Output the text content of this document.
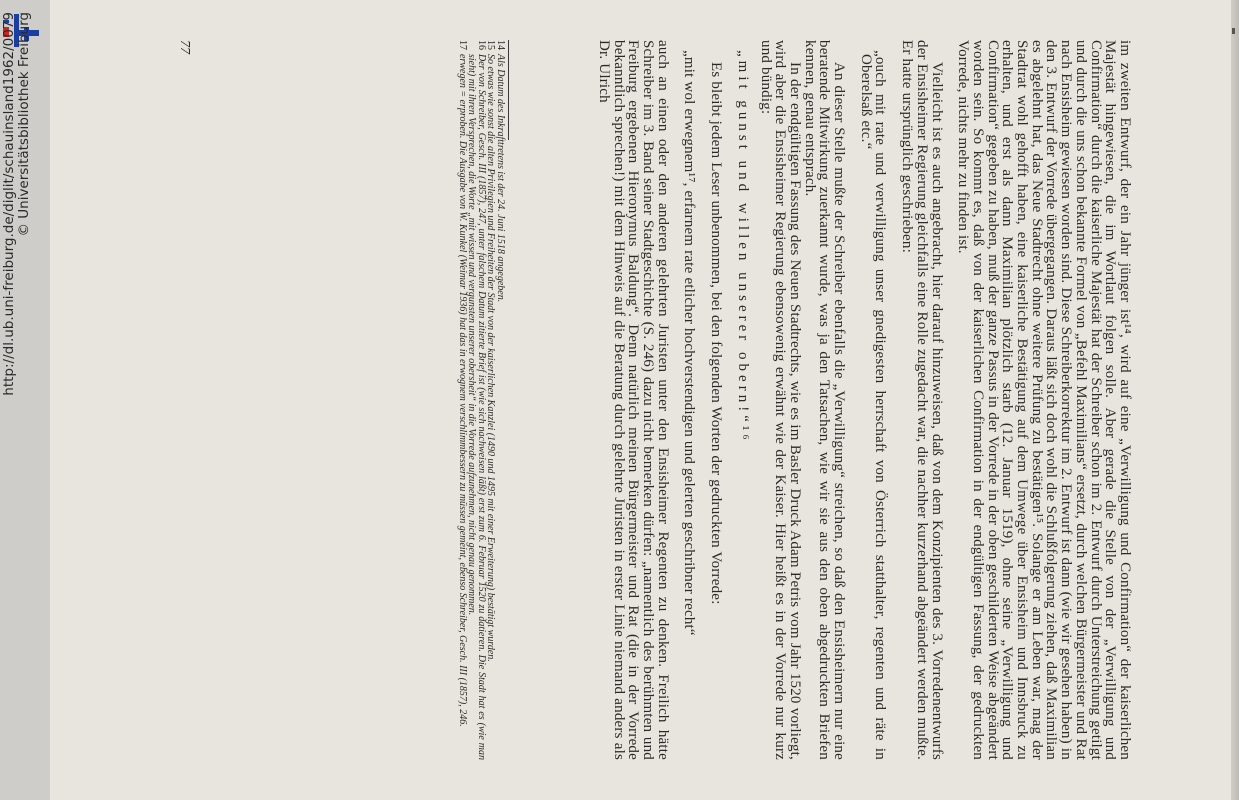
http://dl.ub.uni-freiburg.de/diglit/schauinsland1962/0079 © Universitätsbibliothek Freiburg	im zweiten Entwurf, der ein Jahr jünger ist¹⁴, wird auf eine „Verwilligung und Confirmation“ der kaiserlichen Majestät hingewiesen, die im Wortlaut folgen solle. Aber gerade die Stelle von der „Verwilligung und Confirmation“ durch die kaiserliche Majestät hat der Schreiber schon im 2. Entwurf durch Unterstreichung getilgt und durch die uns schon bekannte Formel von „Befehl Maximilians“ ersetzt, durch welchen Bürgermeister und Rat nach Ensisheim gewiesen worden sind. Diese Schreiberkorrektur im 2. Entwurf ist dann (wie wir gesehen haben) in den 3. Entwurf der Vorrede übergegangen. Daraus läßt sich doch wohl die Schlußfolgerung ziehen, daß Maximilian es abgelehnt hat, das Neue Stadtrecht ohne weitere Prüfung zu bestätigen¹⁵. Solange er am Leben war, mag der Stadtrat wohl gehofft haben, eine kaiserliche Bestätigung auf dem Umwege über Ensisheim und Innsbruck zu erhalten, und erst als dann Maximilian plötzlich starb (12. Januar 1519), ohne seine „Verwilligung und Confirmation“ gegeben zu haben, muß der ganze Passus in der Vorrede in der oben geschilderten Weise abgeändert worden sein. So kommt es, daß von der kaiserlichen Confirmation in der endgültigen Fassung, der gedruckten Vorrede, nichts mehr zu finden ist.

Vielleicht ist es auch angebracht, hier darauf hinzuweisen, daß von dem Konzipienten des 3. Vorredenentwurfs der Ensisheimer Regierung gleichfalls eine Rolle zugedacht war, die nachher kurzerhand abgeändert werden mußte. Er hatte ursprünglich geschrieben:

„ouch mit rate und verwilligung unser gnedigesten herrschaft von Österrich statthalter, regenten und räte in Oberelsaß etc.“

An dieser Stelle mußte der Schreiber ebenfalls die „Verwilligung“ streichen, so daß den Ensisheimern nur eine beratende Mitwirkung zuerkannt wurde, was ja den Tatsachen, wie wir sie aus den oben abgedruckten Briefen kennen, genau entsprach.

In der endgültigen Fassung des Neuen Stadtrechts, wie es im Basler Druck Adam Petris vom Jahr 1520 vorliegt, wird aber die Ensisheimer Regierung ebensowenig erwähnt wie der Kaiser. Hier heißt es in der Vorrede nur kurz und bündig:

„mit gunst und willen unserer obern!“¹⁶

Es bleibt jedem Leser unbenommen, bei den folgenden Worten der gedruckten Vorrede:

„mit wol erwegnem¹⁷, erfarnem rate etlicher hochverstendigen und gelerten geschribner recht“

auch an einen oder den anderen gelehrten Juristen unter den Ensisheimer Regenten zu denken. Freilich hätte Schreiber im 3. Band seiner Stadtgeschichte (S. 246) dazu nicht bemerken dürfen: „namentlich des berühmten und Freiburg ergebenen Hieronymus Baldung“. Denn natürlich meinen Bürgermeister und Rat (die in der Vorrede bekanntlich sprechen!) mit dem Hinweis auf die Beratung durch gelehrte Juristen in erster Linie niemand anders als Dr. Ulrich

14
Als Datum des Inkrafttretens ist der 24. Juni 1518 angegeben.

15
So etwas wie sonst die alten Privilegien und Freiheiten der Stadt von der kaiserlichen Kanzlei (1490 und 1495 mit einer Erweiterung) bestätigt wurden.

16
Der von Schreiber, Gesch. III (1857), 247, unter falschem Datum zitierte Brief ist (wie sich nachweisen läßt) erst zum 6. Februar 1520 zu datieren. Die Stadt hat es (wie man sieht) mit ihren Versprechen, die Worte „mit wissen und vergunsten unserer obersheit“ in die Vorrede aufzunehmen, nicht genau genommen.

17
erwegen = erproben. Die Ausgabe von W. Kunkel (Weimar 1936) hat das in erwognem verschlimmbessern zu müssen gemeint, ebenso Schreiber, Gesch. III (1857), 246.

77
